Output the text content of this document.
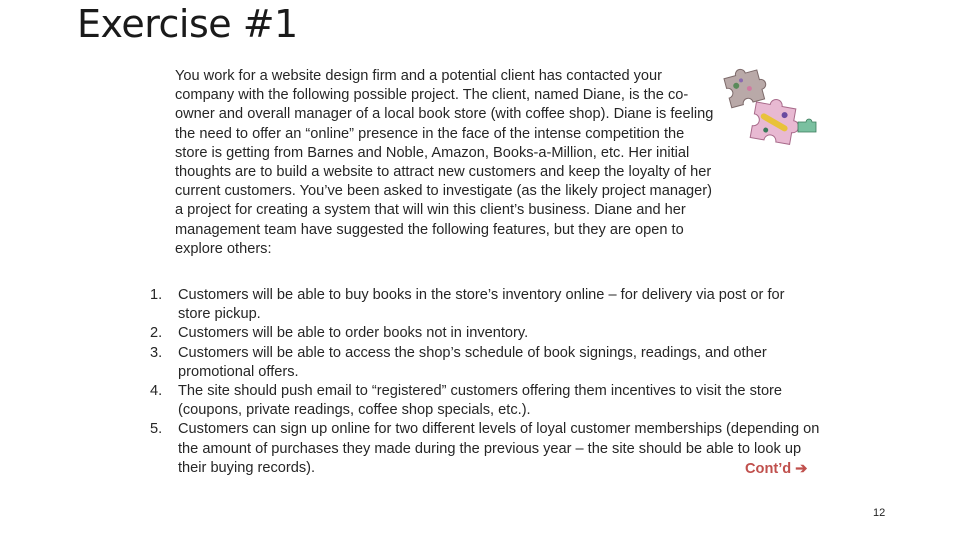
Exercise #1

You work for a website design firm and a potential client has contacted your company with the following possible project. The client, named Diane, is the co-owner and overall manager of a local book store (with coffee shop). Diane is feeling the need to offer an “online” presence in the face of the intense competition the store is getting from Barnes and Noble, Amazon, Books-a-Million, etc. Her initial thoughts are to build a website to attract new customers and keep the loyalty of her current customers. You’ve been asked to investigate (as the likely project manager) a project for creating a system that will win this client’s business. Diane and her management team have suggested the following features, but they are open to explore others:

1. Customers will be able to buy books in the store’s inventory online – for delivery via post or for store pickup.
2. Customers will be able to order books not in inventory.
3. Customers will be able to access the shop’s schedule of book signings, readings, and other promotional offers.
4. The site should push email to “registered” customers offering them incentives to visit the store (coupons, private readings, coffee shop specials, etc.).
5. Customers can sign up online for two different levels of loyal customer memberships (depending on the amount of purchases they made during the previous year – the site should be able to look up their buying records).	Cont’d ➔
12
